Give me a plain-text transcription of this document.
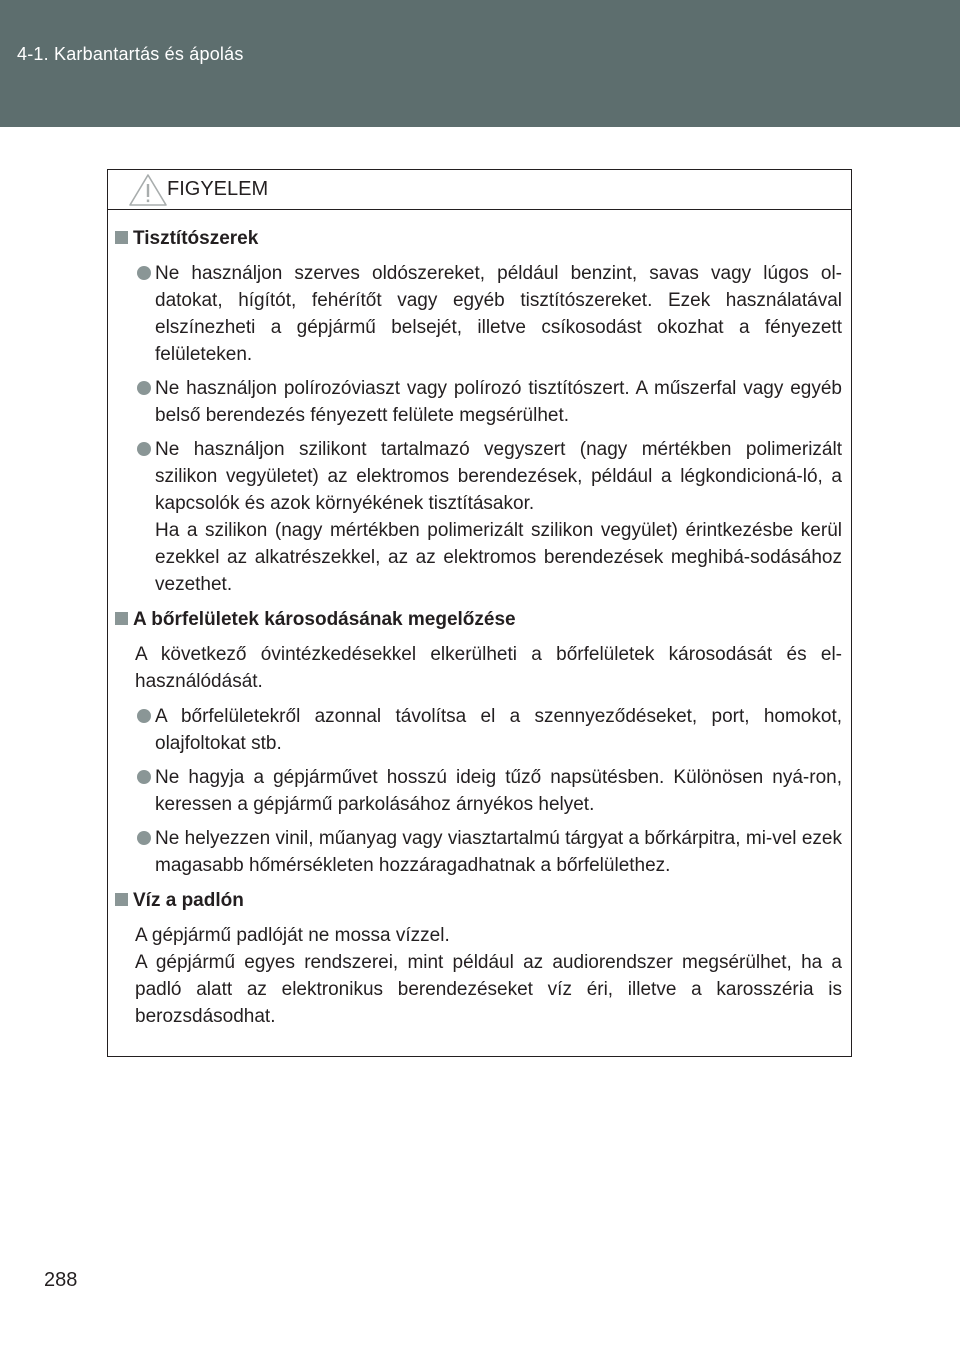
4-1. Karbantartás és ápolás
FIGYELEM
Tisztítószerek
Ne használjon szerves oldószereket, például benzint, savas vagy lúgos ol-datokat, hígítót, fehérítőt vagy egyéb tisztítószereket. Ezek használatával elszínezheti a gépjármű belsejét, illetve csíkosodást okozhat a fényezett felületeken.
Ne használjon polírozóviaszt vagy polírozó tisztítószert. A műszerfal vagy egyéb belső berendezés fényezett felülete megsérülhet.
Ne használjon szilikont tartalmazó vegyszert (nagy mértékben polimerizált szilikon vegyületet) az elektromos berendezések, például a légkondicioná-ló, a kapcsolók és azok környékének tisztításakor.
Ha a szilikon (nagy mértékben polimerizált szilikon vegyület) érintkezésbe kerül ezekkel az alkatrészekkel, az az elektromos berendezések meghibá-sodásához vezethet.
A bőrfelületek károsodásának megelőzése
A következő óvintézkedésekkel elkerülheti a bőrfelületek károsodását és el-használódását.
A bőrfelületekről azonnal távolítsa el a szennyeződéseket, port, homokot, olajfoltokat stb.
Ne hagyja a gépjárművet hosszú ideig tűző napsütésben. Különösen nyá-ron, keressen a gépjármű parkolásához árnyékos helyet.
Ne helyezzen vinil, műanyag vagy viasztartalmú tárgyat a bőrkárpitra, mi-vel ezek magasabb hőmérsékleten hozzáragadhatnak a bőrfelülethez.
Víz a padlón
A gépjármű padlóját ne mossa vízzel.
A gépjármű egyes rendszerei, mint például az audiorendszer megsérülhet, ha a padló alatt az elektronikus berendezéseket víz éri, illetve a karosszéria is berozsdásodhat.
288
